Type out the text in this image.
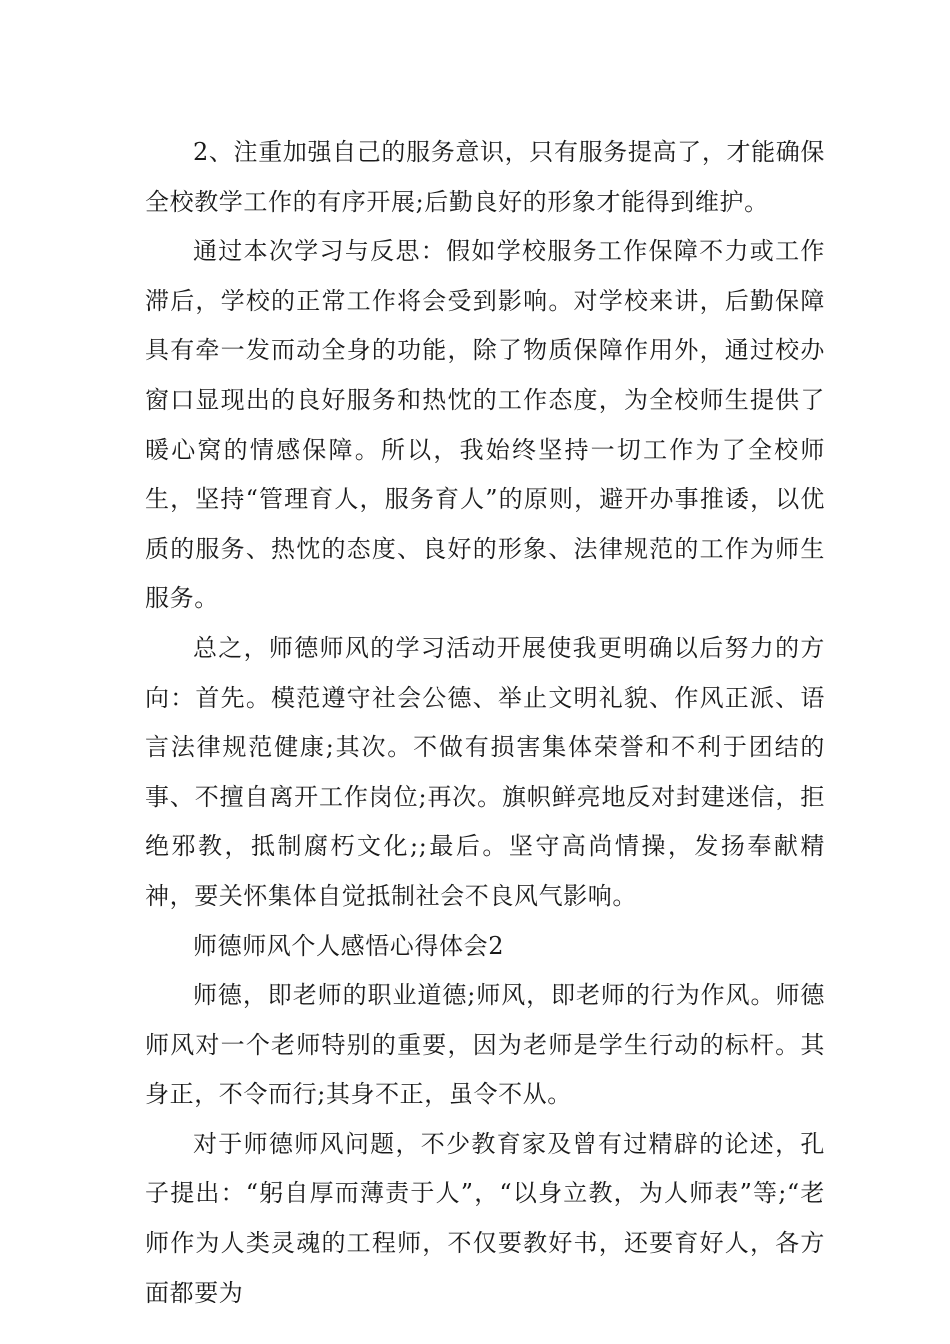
2、注重加强自己的服务意识，只有服务提高了，才能确保全校教学工作的有序开展;后勤良好的形象才能得到维护。

通过本次学习与反思：假如学校服务工作保障不力或工作滞后，学校的正常工作将会受到影响。对学校来讲，后勤保障具有牵一发而动全身的功能，除了物质保障作用外，通过校办窗口显现出的良好服务和热忱的工作态度，为全校师生提供了暖心窝的情感保障。所以，我始终坚持一切工作为了全校师生，坚持“管理育人，服务育人”的原则，避开办事推诿，以优质的服务、热忱的态度、良好的形象、法律规范的工作为师生服务。

总之，师德师风的学习活动开展使我更明确以后努力的方向：首先。模范遵守社会公德、举止文明礼貌、作风正派、语言法律规范健康;其次。不做有损害集体荣誉和不利于团结的事、不擅自离开工作岗位;再次。旗帜鲜亮地反对封建迷信，拒绝邪教，抵制腐朽文化;;最后。坚守高尚情操，发扬奉献精神，要关怀集体自觉抵制社会不良风气影响。

师德师风个人感悟心得体会2

师德，即老师的职业道德;师风，即老师的行为作风。师德师风对一个老师特别的重要，因为老师是学生行动的标杆。其身正，不令而行;其身不正，虽令不从。

对于师德师风问题，不少教育家及曾有过精辟的论述，孔子提出：“躬自厚而薄责于人”，“以身立教，为人师表”等;“老师作为人类灵魂的工程师，不仅要教好书，还要育好人，各方面都要为
